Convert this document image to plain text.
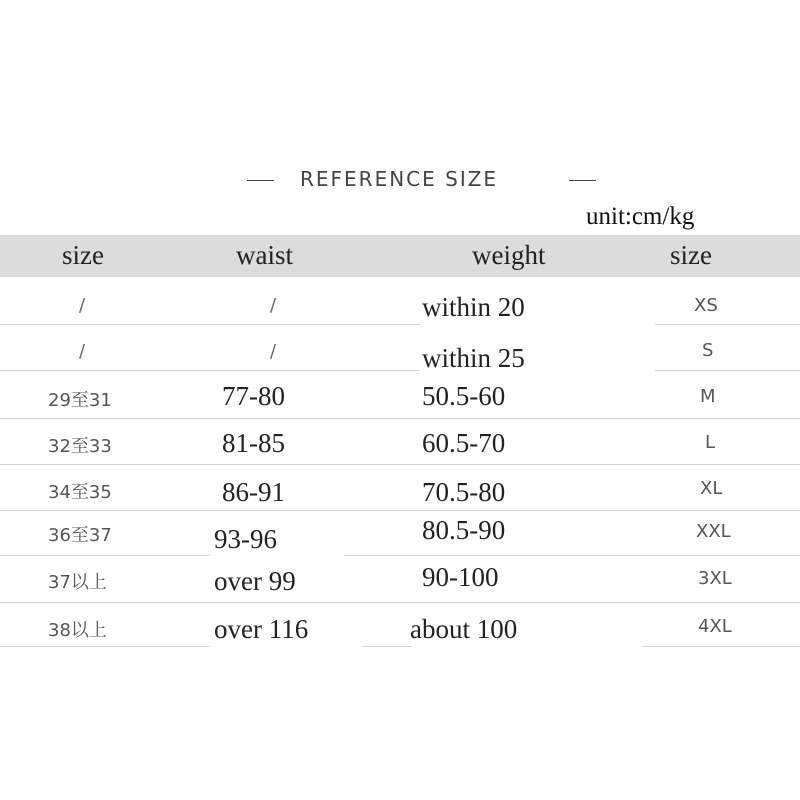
REFERENCE SIZE
unit:cm/kg
size	waist	weight	size
/	/	within 20	XS
/	/	within 25	S
29至31	77-80	50.5-60	M
32至33	81-85	60.5-70	L
34至35	86-91	70.5-80	XL
36至37	93-96	80.5-90	XXL
37以上	over 99	90-100	3XL
38以上	over 116	about 100	4XL
